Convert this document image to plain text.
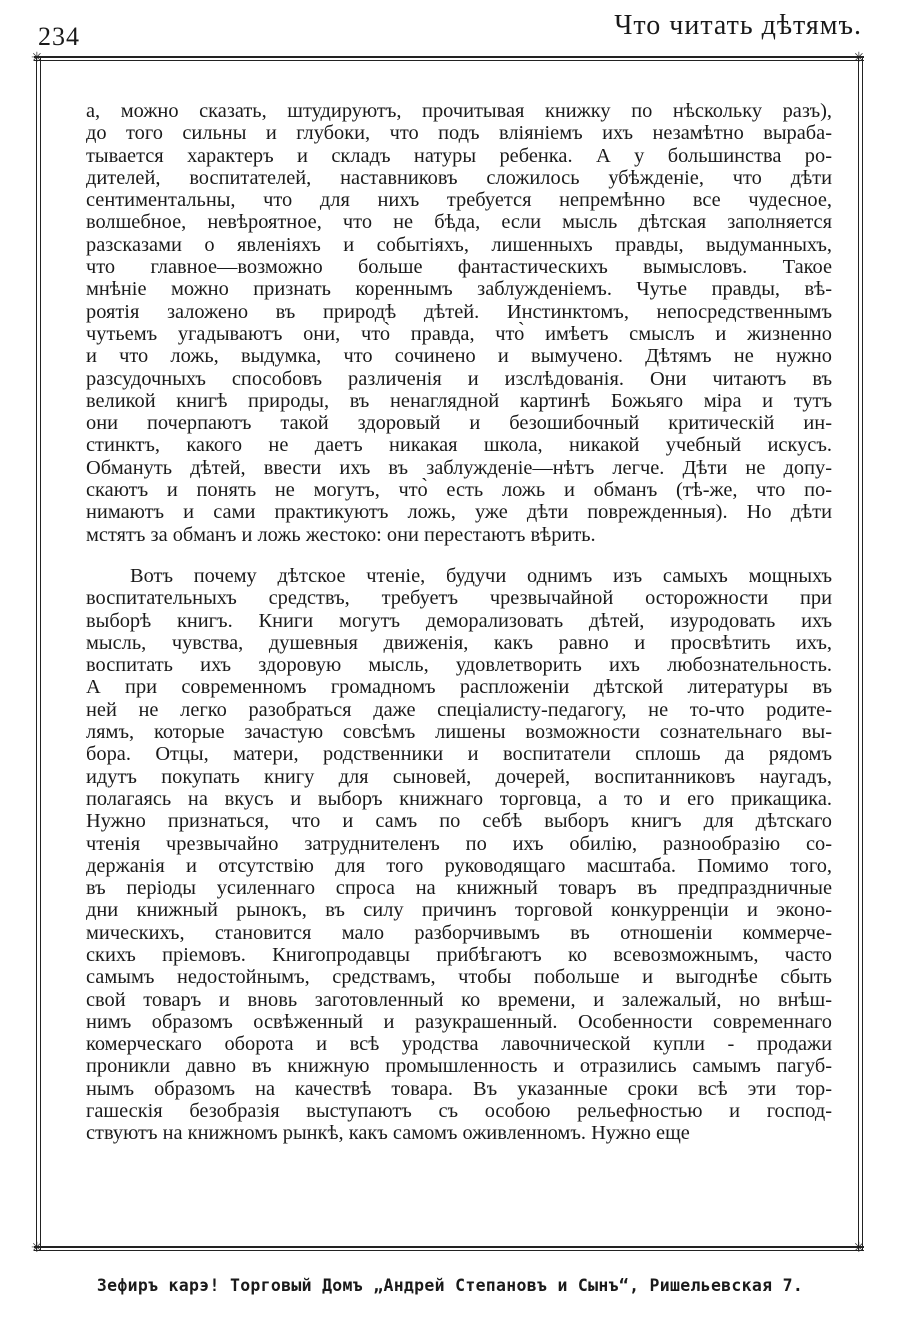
234	Что читать дѣтямъ.
✳	✳
✳	✳
а, можно сказать, штудируютъ, прочитывая книжку по нѣскольку разъ),
до того сильны и глубоки, что подъ вліяніемъ ихъ незамѣтно выраба-
тывается характеръ и складъ натуры ребенка. А у большинства ро-
дителей, воспитателей, наставниковъ сложилось убѣжденіе, что дѣти
сентиментальны, что для нихъ требуется непремѣнно все чудесное,
волшебное, невѣроятное, что не бѣда, если мысль дѣтская заполняется
разсказами о явленіяхъ и событіяхъ, лишенныхъ правды, выдуманныхъ,
что главное—возможно больше фантастическихъ вымысловъ. Такое
мнѣніе можно признать кореннымъ заблужденіемъ. Чутье правды, вѣ-
роятія заложено въ природѣ дѣтей. Инстинктомъ, непосредственнымъ
чутьемъ угадываютъ они, что̀ правда, что̀ имѣетъ смыслъ и жизненно
и что ложь, выдумка, что сочинено и вымучено. Дѣтямъ не нужно
разсудочныхъ способовъ различенія и изслѣдованія. Они читаютъ въ
великой книгѣ природы, въ ненаглядной картинѣ Божьяго міра и тутъ
они почерпаютъ такой здоровый и безошибочный критическій ин-
стинктъ, какого не даетъ никакая школа, никакой учебный искусъ.
Обмануть дѣтей, ввести ихъ въ заблужденіе—нѣтъ легче. Дѣти не допу-
скаютъ и понять не могутъ, что̀ есть ложь и обманъ (тѣ-же, что по-
нимаютъ и сами практикуютъ ложь, уже дѣти поврежденныя). Но дѣти
мстятъ за обманъ и ложь жестоко: они перестаютъ вѣрить.
Вотъ почему дѣтское чтеніе, будучи однимъ изъ самыхъ мощныхъ
воспитательныхъ средствъ, требуетъ чрезвычайной осторожности при
выборѣ книгъ. Книги могутъ деморализовать дѣтей, изуродовать ихъ
мысль, чувства, душевныя движенія, какъ равно и просвѣтить ихъ,
воспитать ихъ здоровую мысль, удовлетворить ихъ любознательность.
А при современномъ громадномъ распложеніи дѣтской литературы въ
ней не легко разобраться даже спеціалисту-педагогу, не то-что родите-
лямъ, которые зачастую совсѣмъ лишены возможности сознательнаго вы-
бора. Отцы, матери, родственники и воспитатели сплошь да рядомъ
идутъ покупать книгу для сыновей, дочерей, воспитанниковъ наугадъ,
полагаясь на вкусъ и выборъ книжнаго торговца, а то и его прикащика.
Нужно признаться, что и самъ по себѣ выборъ книгъ для дѣтскаго
чтенія чрезвычайно затруднителенъ по ихъ обилію, разнообразію со-
держанія и отсутствію для того руководящаго масштаба. Помимо того,
въ періоды усиленнаго спроса на книжный товаръ въ предпраздничные
дни книжный рынокъ, въ силу причинъ торговой конкурренціи и эконо-
мическихъ, становится мало разборчивымъ въ отношеніи коммерче-
скихъ пріемовъ. Книгопродавцы прибѣгаютъ ко всевозможнымъ, часто
самымъ недостойнымъ, средствамъ, чтобы побольше и выгоднѣе сбыть
свой товаръ и вновь заготовленный ко времени, и залежалый, но внѣш-
нимъ образомъ освѣженный и разукрашенный. Особенности современнаго
комерческаго оборота и всѣ уродства лавочнической купли - продажи
проникли давно въ книжную промышленность и отразились самымъ пагуб-
нымъ образомъ на качествѣ товара. Въ указанные сроки всѣ эти тор-
гашескія безобразія выступаютъ съ особою рельефностью и господ-
ствуютъ на книжномъ рынкѣ, какъ самомъ оживленномъ. Нужно еще
Зефиръ карэ! Торговый Домъ „Андрей Степановъ и Сынъ“, Ришельевская 7.
